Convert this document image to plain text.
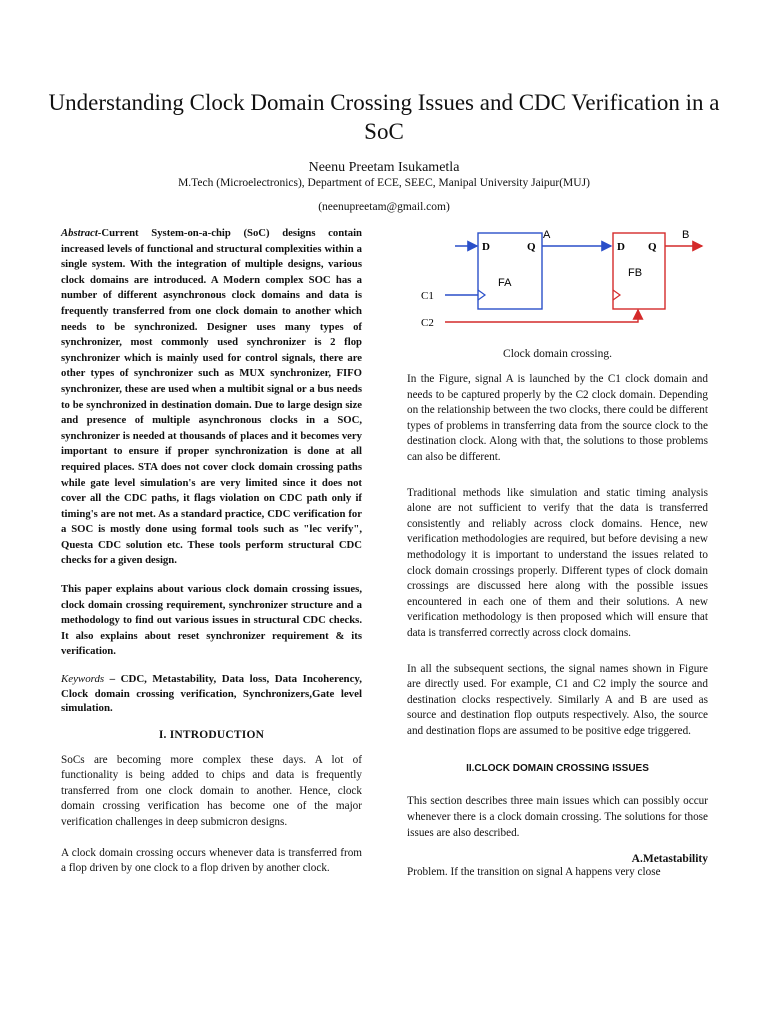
Understanding Clock Domain Crossing Issues and CDC Verification in a SoC
Neenu Preetam Isukametla
M.Tech (Microelectronics), Department of ECE, SEEC, Manipal University Jaipur(MUJ)
(neenupreetam@gmail.com)

Abstract-Current System-on-a-chip (SoC) designs contain increased levels of functional and structural complexities within a single system. With the integration of multiple designs, various clock domains are introduced. A Modern complex SOC has a number of different asynchronous clock domains and data is frequently transferred from one clock domain to another which needs to be synchronized. Designer uses many types of synchronizer, most commonly used synchronizer is 2 flop synchronizer which is mainly used for control signals, there are other types of synchronizer such as MUX synchronizer, FIFO synchronizer, these are used when a multibit signal or a bus needs to be synchronized in destination domain. Due to large design size and presence of multiple asynchronous clocks in a SOC, synchronizer is needed at thousands of places and it becomes very important to ensure if proper synchronization is done at all required places. STA does not cover clock domain crossing paths while gate level simulation's are very limited since it does not cover all the CDC paths, it flags violation on CDC path only if timing's are not met. As a standard practice, CDC verification for a SOC is mostly done using formal tools such as "lec verify", Questa CDC solution etc. These tools perform structural CDC checks for a given design.

This paper explains about various clock domain crossing issues, clock domain crossing requirement, synchronizer structure and a methodology to find out various issues in structural CDC checks. It also explains about reset synchronizer requirement & its verification.

Keywords – CDC, Metastability, Data loss, Data Incoherency, Clock domain crossing verification, Synchronizers,Gate level simulation.

I. INTRODUCTION

SoCs are becoming more complex these days. A lot of functionality is being added to chips and data is frequently transferred from one clock domain to another. Hence, clock domain crossing verification has become one of the major verification challenges in deep submicron designs.

A clock domain crossing occurs whenever data is transferred from a flop driven by one clock to a flop driven by another clock.

D	Q
FA
D Q
FB
A	B
C1
C2

Clock domain crossing.

In the Figure, signal A is launched by the C1 clock domain and needs to be captured properly by the C2 clock domain. Depending on the relationship between the two clocks, there could be different types of problems in transferring data from the source clock to the destination clock. Along with that, the solutions to those problems can also be different.

Traditional methods like simulation and static timing analysis alone are not sufficient to verify that the data is transferred consistently and reliably across clock domains. Hence, new verification methodologies are required, but before devising a new methodology it is important to understand the issues related to clock domain crossings properly. Different types of clock domain crossings are discussed here along with the possible issues encountered in each one of them and their solutions. A new verification methodology is then proposed which will ensure that data is transferred correctly across clock domains.

In all the subsequent sections, the signal names shown in Figure are directly used. For example, C1 and C2 imply the source and destination clocks respectively. Similarly A and B are used as source and destination flop outputs respectively. Also, the source and destination flops are assumed to be positive edge triggered.

II.CLOCK DOMAIN CROSSING ISSUES

This section describes three main issues which can possibly occur whenever there is a clock domain crossing. The solutions for those issues are also described.

A.Metastability

Problem. If the transition on signal A happens very close
